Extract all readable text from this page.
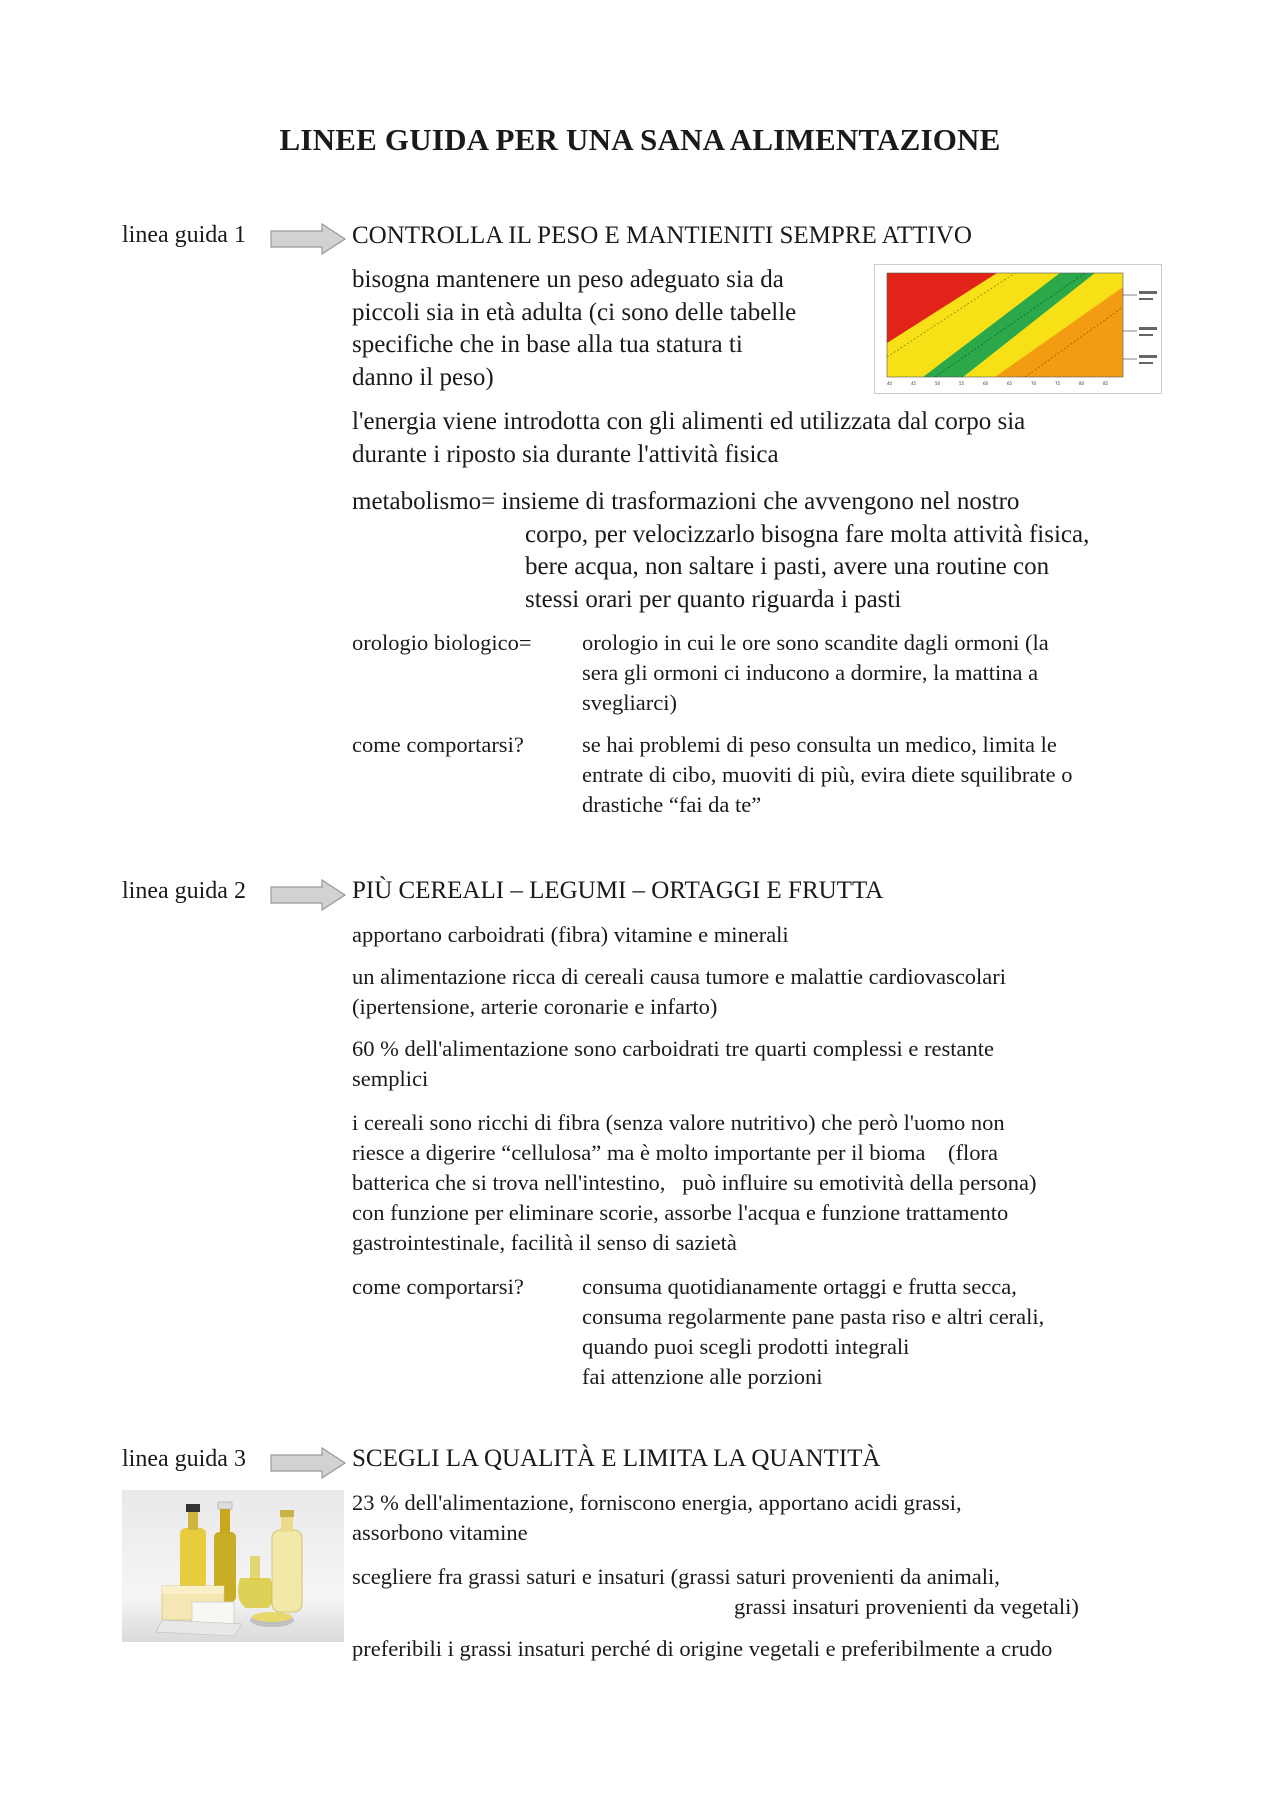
LINEE GUIDA PER UNA SANA ALIMENTAZIONE
linea guida 1	CONTROLLA IL PESO E MANTIENITI SEMPRE ATTIVO
bisogna mantenere un peso adeguato sia da
piccoli sia in età adulta (ci sono delle tabelle
specifiche che in base alla tua statura ti
danno il peso)	40	45	50	55	60	65	70	75	80	85
l'energia viene introdotta con gli alimenti ed utilizzata dal corpo sia
durante i riposto sia durante l'attività fisica
metabolismo= insieme di trasformazioni che avvengono nel nostro
corpo, per velocizzarlo bisogna fare molta attività fisica,
bere acqua, non saltare i pasti, avere una routine con
stessi orari per quanto riguarda i pasti
orologio biologico=	orologio in cui le ore sono scandite dagli ormoni (la
sera gli ormoni ci inducono a dormire, la mattina a
svegliarci)
come comportarsi?	se hai problemi di peso consulta un medico, limita le
entrate di cibo, muoviti di più, evira diete squilibrate o
drastiche “fai da te”
linea guida 2	PIÙ CEREALI – LEGUMI – ORTAGGI E FRUTTA
apportano carboidrati (fibra) vitamine e minerali
un alimentazione ricca di cereali causa tumore e malattie cardiovascolari
(ipertensione, arterie coronarie e infarto)
60 % dell'alimentazione sono carboidrati tre quarti complessi e restante
semplici
i cereali sono ricchi di fibra (senza valore nutritivo) che però l'uomo non
riesce a digerire “cellulosa” ma è molto importante per il bioma    (flora
batterica che si trova nell'intestino,   può influire su emotività della persona)
con funzione per eliminare scorie, assorbe l'acqua e funzione trattamento
gastrointestinale, facilità il senso di sazietà
come comportarsi?	consuma quotidianamente ortaggi e frutta secca,
consuma regolarmente pane pasta riso e altri cerali,
quando puoi scegli prodotti integrali
fai attenzione alle porzioni
linea guida 3	SCEGLI LA QUALITÀ E LIMITA LA QUANTITÀ
23 % dell'alimentazione, forniscono energia, apportano acidi grassi,
assorbono vitamine
scegliere fra grassi saturi e insaturi (grassi saturi provenienti da animali,
grassi insaturi provenienti da vegetali)
preferibili i grassi insaturi perché di origine vegetali e preferibilmente a crudo
